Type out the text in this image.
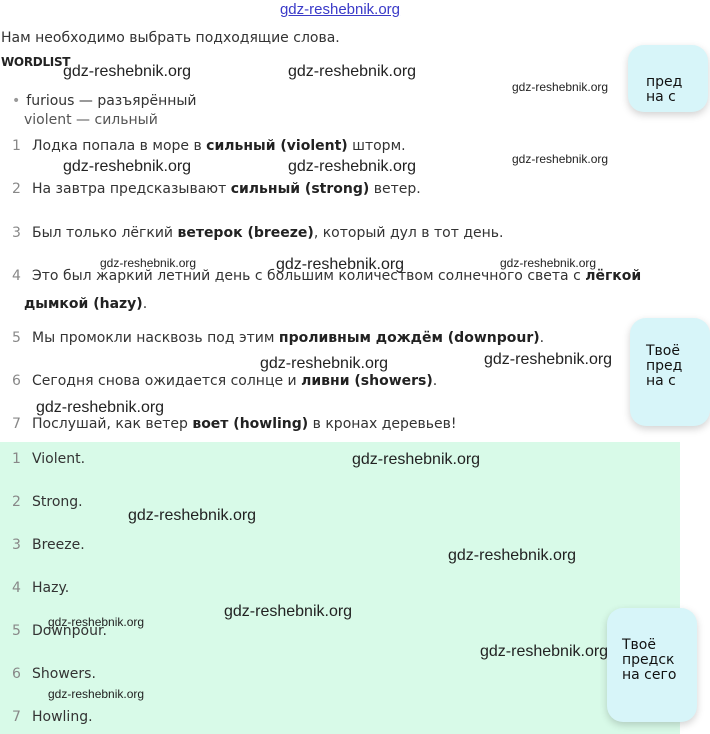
gdz-reshebnik.org
Нам необходимо выбрать подходящие слова.
WORDLIST
• furious — разъярённый
violent — сильный
1 Лодка попала в море в сильный (violent) шторм.
2 На завтра предсказывают сильный (strong) ветер.
3 Был только лёгкий ветерок (breeze), который дул в тот день.
4 Это был жаркий летний день с большим количеством солнечного света с лёгкой
дымкой (hazy).
5 Мы промокли насквозь под этим проливным дождём (downpour).
6 Сегодня снова ожидается солнце и ливни (showers).
7 Послушай, как ветер воет (howling) в кронах деревьев!
1 Violent.
2 Strong.
3 Breeze.
4 Hazy.
5 Downpour.
6 Showers.
7 Howling.
пред
на с
Твоё
пред
на с
Твоё
предск
на сего
gdz-reshebnik.org	gdz-reshebnik.org
gdz-reshebnik.org
gdz-reshebnik.org	gdz-reshebnik.org	gdz-reshebnik.org
gdz-reshebnik.org	gdz-reshebnik.org	gdz-reshebnik.org
gdz-reshebnik.org	gdz-reshebnik.org
gdz-reshebnik.org
gdz-reshebnik.org
gdz-reshebnik.org
gdz-reshebnik.org
gdz-reshebnik.org
gdz-reshebnik.org
gdz-reshebnik.org
gdz-reshebnik.org
